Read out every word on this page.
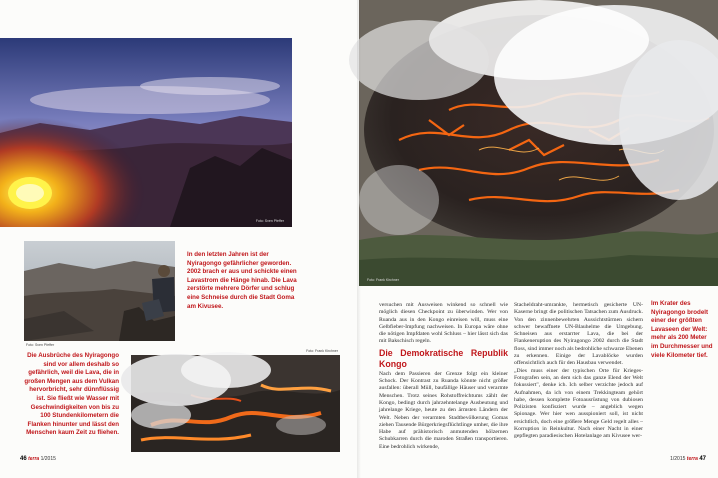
Foto: Sven Pfeffer
Foto: Sven Pfeffer
In den letzten Jahren ist der Nyiragongo gefährlicher geworden. 2002 brach er aus und schickte einen Lavastrom die Hänge hinab. Die Lava zerstörte mehrere Dörfer und schlug eine Schneise durch die Stadt Goma am Kivusee.
Die Ausbrüche des Nyiragongo sind vor allem deshalb so gefährlich, weil die Lava, die in großen Mengen aus dem Vulkan hervorbricht, sehr dünnflüssig ist. Sie fließt wie Wasser mit Geschwindigkeiten von bis zu 100 Stundenkilometern die Flanken hinunter und lässt den Menschen kaum Zeit zu fliehen.
Foto: Frank Kirchner
46 terra 1/2015
Foto: Frank Kirchner

versuchen mit Ausweisen winkend so schnell wie möglich diesen Checkpoint zu überwinden. Wer von Ruanda aus in den Kongo einreisen will, muss eine Gelbfieber-Impfung nachweisen. In Europa wäre ohne die nötigen Impfdaten wohl Schluss – hier lässt sich das mit Bakschisch regeln.

Die Demokratische Republik Kongo

Nach dem Passieren der Grenze folgt ein kleiner Schock. Der Kontrast zu Ruanda könnte nicht größer ausfallen: überall Müll, baufällige Häuser und verarmte Menschen. Trotz seines Rohstoffreichtums zählt der Kongo, bedingt durch jahrzehntelange Ausbeutung und jahrelange Kriege, heute zu den ärmsten Ländern der Welt. Neben der verarmten Stadtbevölkerung Gomas ziehen Tausende Bürgerkriegsflüchtlinge umher, die ihre Habe auf prähistorisch anmutenden hölzernen Schubkarren durch die maroden Straßen transportieren. Eine bedrohlich wirkende,

Stacheldraht-umrankte, hermetisch gesicherte UN-Kaserne bringt die politischen Tatsachen zum Ausdruck. Von den zinnenbewehrten Aussichtstürmen sichern schwer bewaffnete UN-Blauhelme die Umgebung. Schneisen aus erstarrter Lava, die bei der Flankeneruption des Nyiragongo 2002 durch die Stadt floss, sind immer noch als bedrohliche schwarze Ebenen zu erkennen. Einige der Lavablöcke wurden offensichtlich auch für den Hausbau verwendet.

„Dies muss einer der typischen Orte für Krieges-Fotografen sein, an dem sich das ganze Elend der Welt fokussiert", denke ich. Ich selber verzichte jedoch auf Aufnahmen, da ich von einem Trekkingteam gehört habe, dessen komplette Fotoausrüstung von dubiosen Polizisten konfisziert wurde – angeblich wegen Spionage. Wer hier wen ausspioniert soll, ist nicht ersichtlich, doch eine größere Menge Geld regelt alles – Korruption in Reinkultur. Nach einer Nacht in einer gepflegten paradiesischen Hotelanlage am Kivusee wer-

Im Krater des Nyiragongo brodelt einer der größten Lavaseen der Welt: mehr als 200 Meter im Durchmesser und viele Kilometer tief.
1/2015 terra 47
